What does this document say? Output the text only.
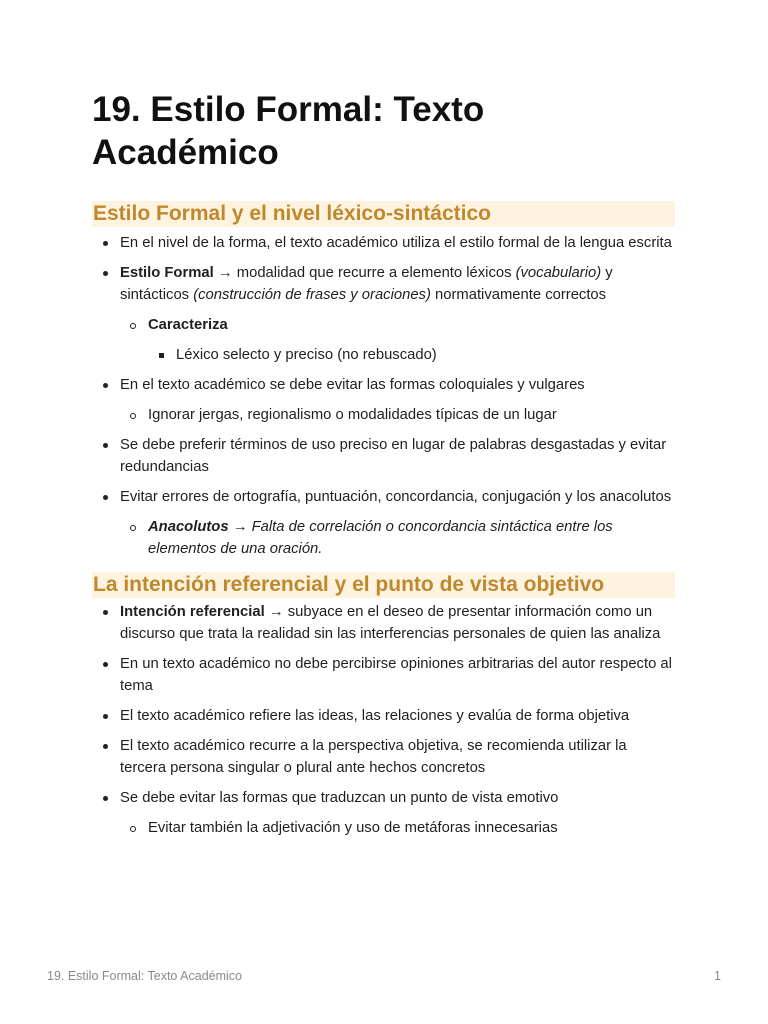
19. Estilo Formal: Texto Académico
Estilo Formal y el nivel léxico-sintáctico
En el nivel de la forma, el texto académico utiliza el estilo formal de la lengua escrita
Estilo Formal → modalidad que recurre a elemento léxicos (vocabulario) y sintácticos (construcción de frases y oraciones) normativamente correctos
Caracteriza
Léxico selecto y preciso (no rebuscado)
En el texto académico se debe evitar las formas coloquiales y vulgares
Ignorar jergas, regionalismo o modalidades típicas de un lugar
Se debe preferir términos de uso preciso en lugar de palabras desgastadas y evitar redundancias
Evitar errores de ortografía, puntuación, concordancia, conjugación y los anacolutos
Anacolutos → Falta de correlación o concordancia sintáctica entre los elementos de una oración.
La intención referencial y el punto de vista objetivo
Intención referencial → subyace en el deseo de presentar información como un discurso que trata la realidad sin las interferencias personales de quien las analiza
En un texto académico no debe percibirse opiniones arbitrarias del autor respecto al tema
El texto académico refiere las ideas, las relaciones y evalúa de forma objetiva
El texto académico recurre a la perspectiva objetiva, se recomienda utilizar la tercera persona singular o plural ante hechos concretos
Se debe evitar las formas que traduzcan un punto de vista emotivo
Evitar también la adjetivación y uso de metáforas innecesarias
19. Estilo Formal: Texto Académico	1
